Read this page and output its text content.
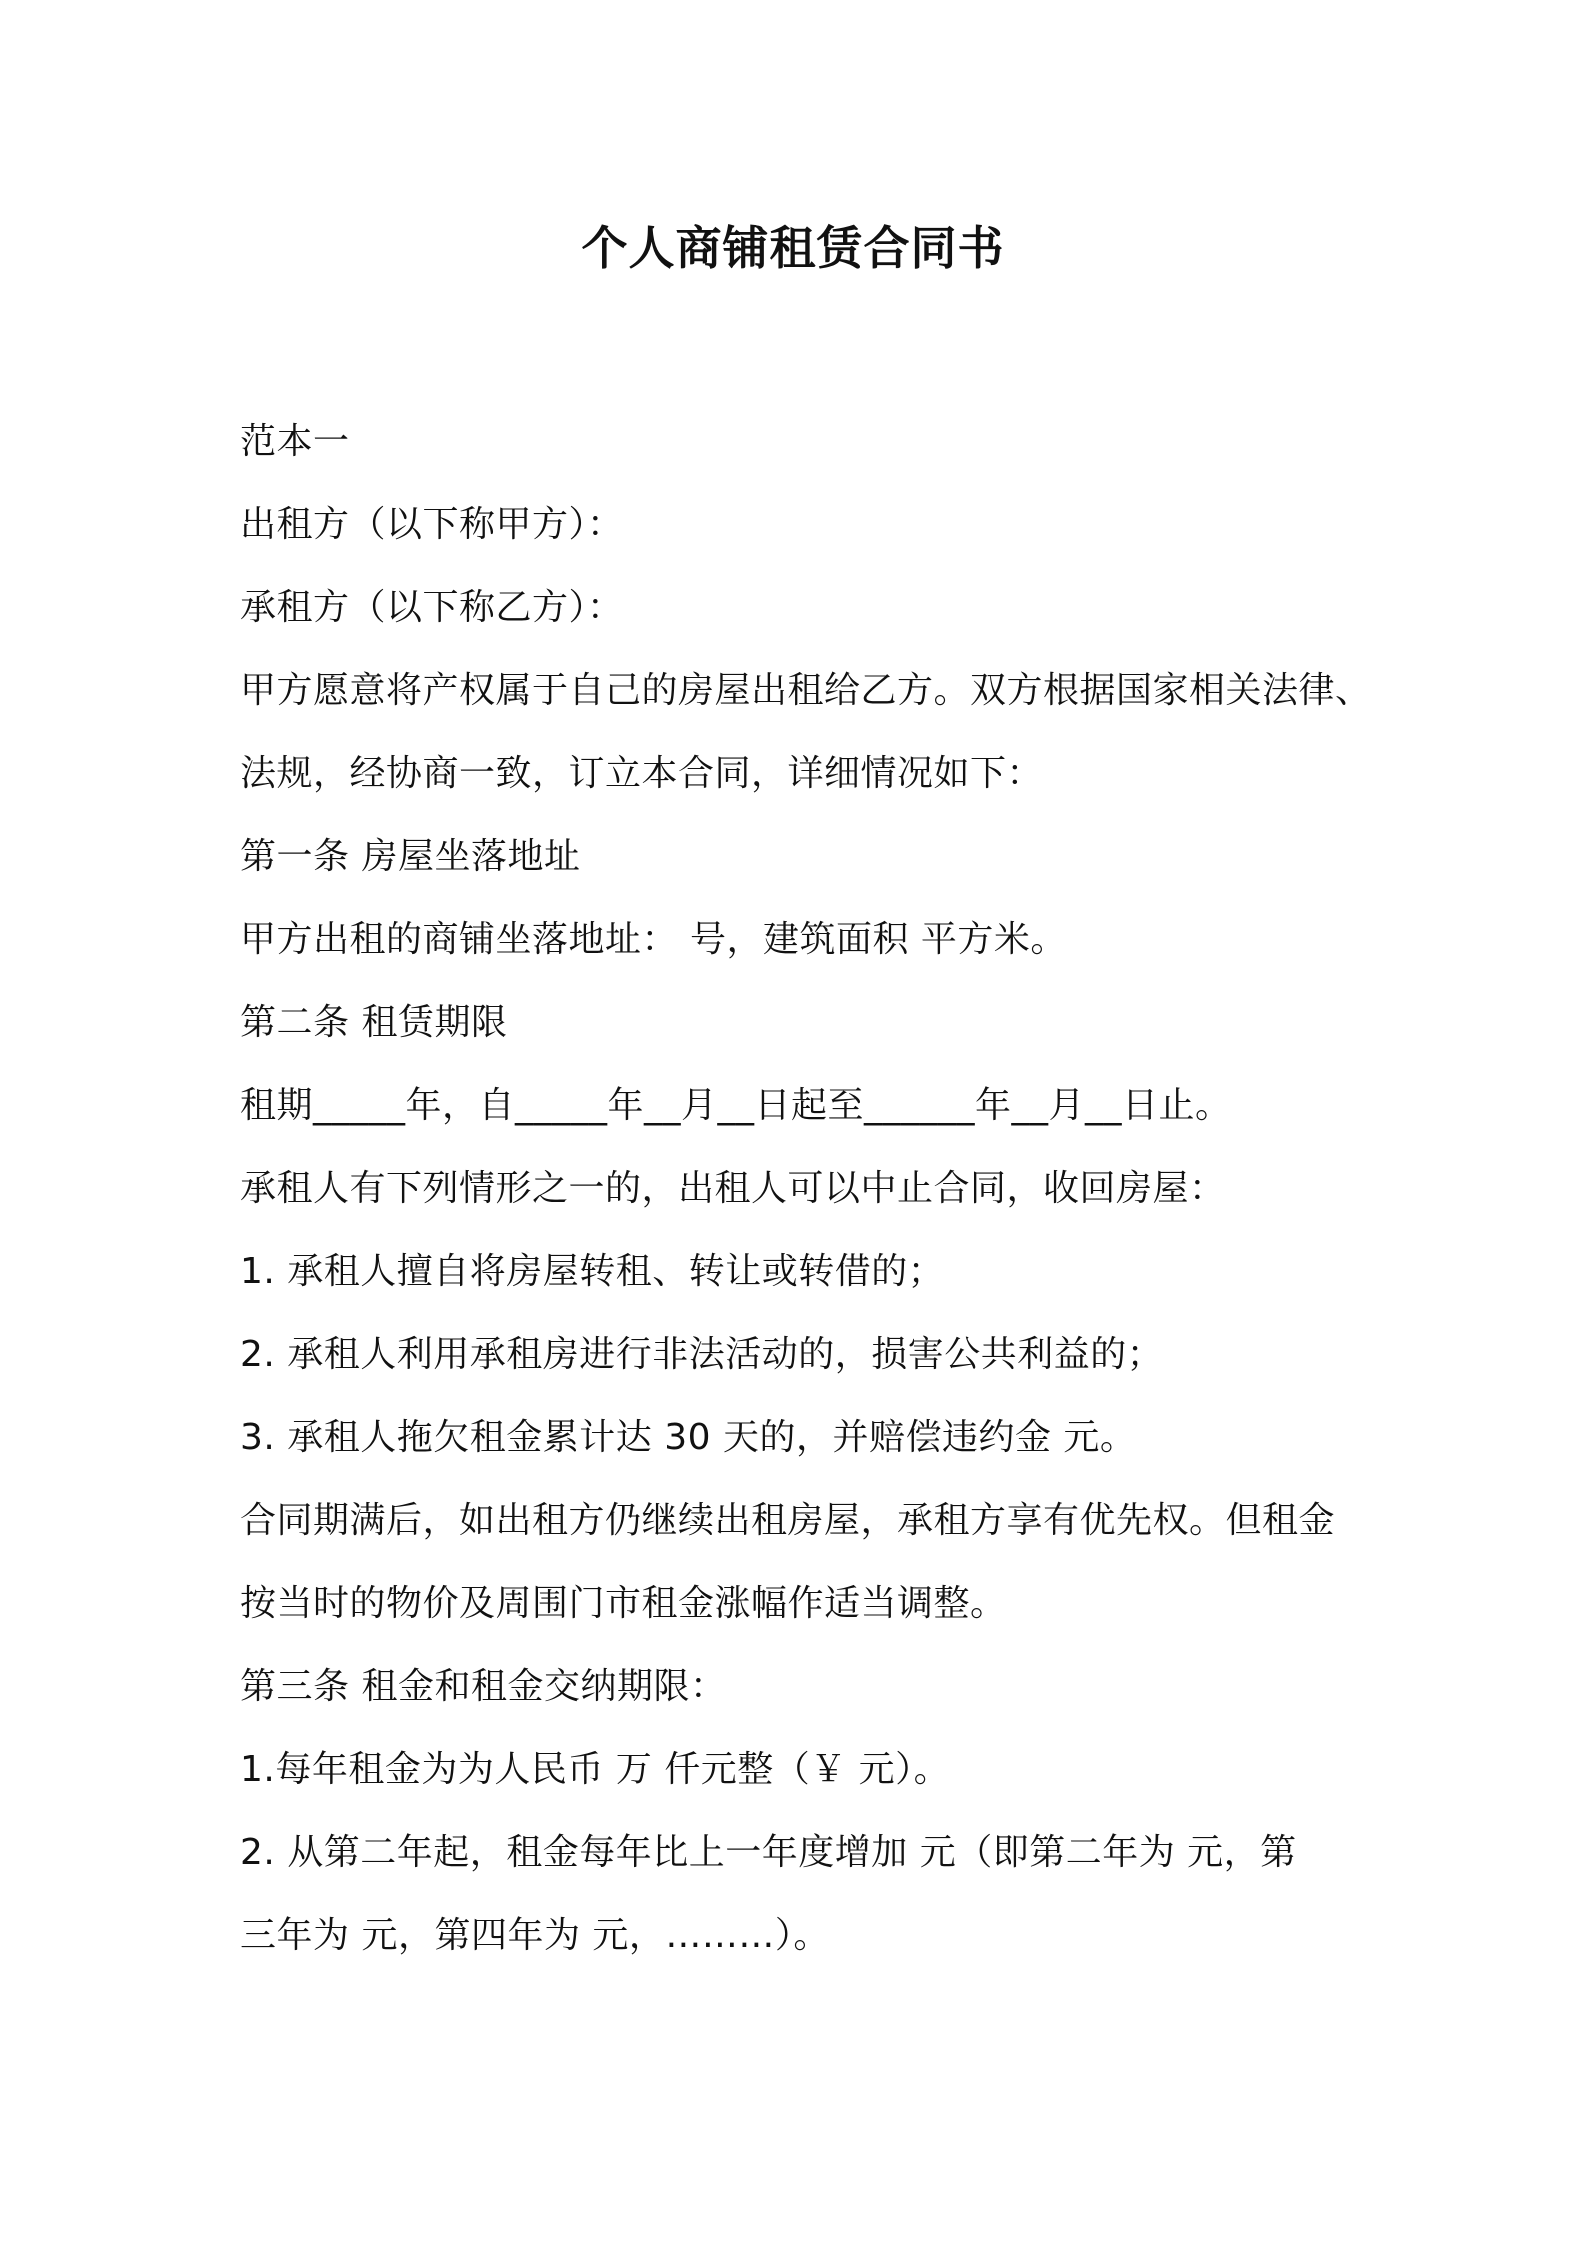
个人商铺租赁合同书
范本一
出租方（以下称甲方）：
承租方（以下称乙方）：
甲方愿意将产权属于自己的房屋出租给乙方。双方根据国家相关法律、
法规，经协商一致，订立本合同，详细情况如下：
第一条 房屋坐落地址
甲方出租的商铺坐落地址： 号，建筑面积 平方米。
第二条 租赁期限
租期_____年，自_____年__月__日起至______年__月__日止。
承租人有下列情形之一的，出租人可以中止合同，收回房屋：
1. 承租人擅自将房屋转租、转让或转借的；
2. 承租人利用承租房进行非法活动的，损害公共利益的；
3. 承租人拖欠租金累计达 30 天的，并赔偿违约金 元。
合同期满后，如出租方仍继续出租房屋，承租方享有优先权。但租金
按当时的物价及周围门市租金涨幅作适当调整。
第三条 租金和租金交纳期限：
1.每年租金为为人民币 万 仟元整（￥ 元）。
2. 从第二年起，租金每年比上一年度增加 元（即第二年为 元，第
三年为 元，第四年为 元，………）。
